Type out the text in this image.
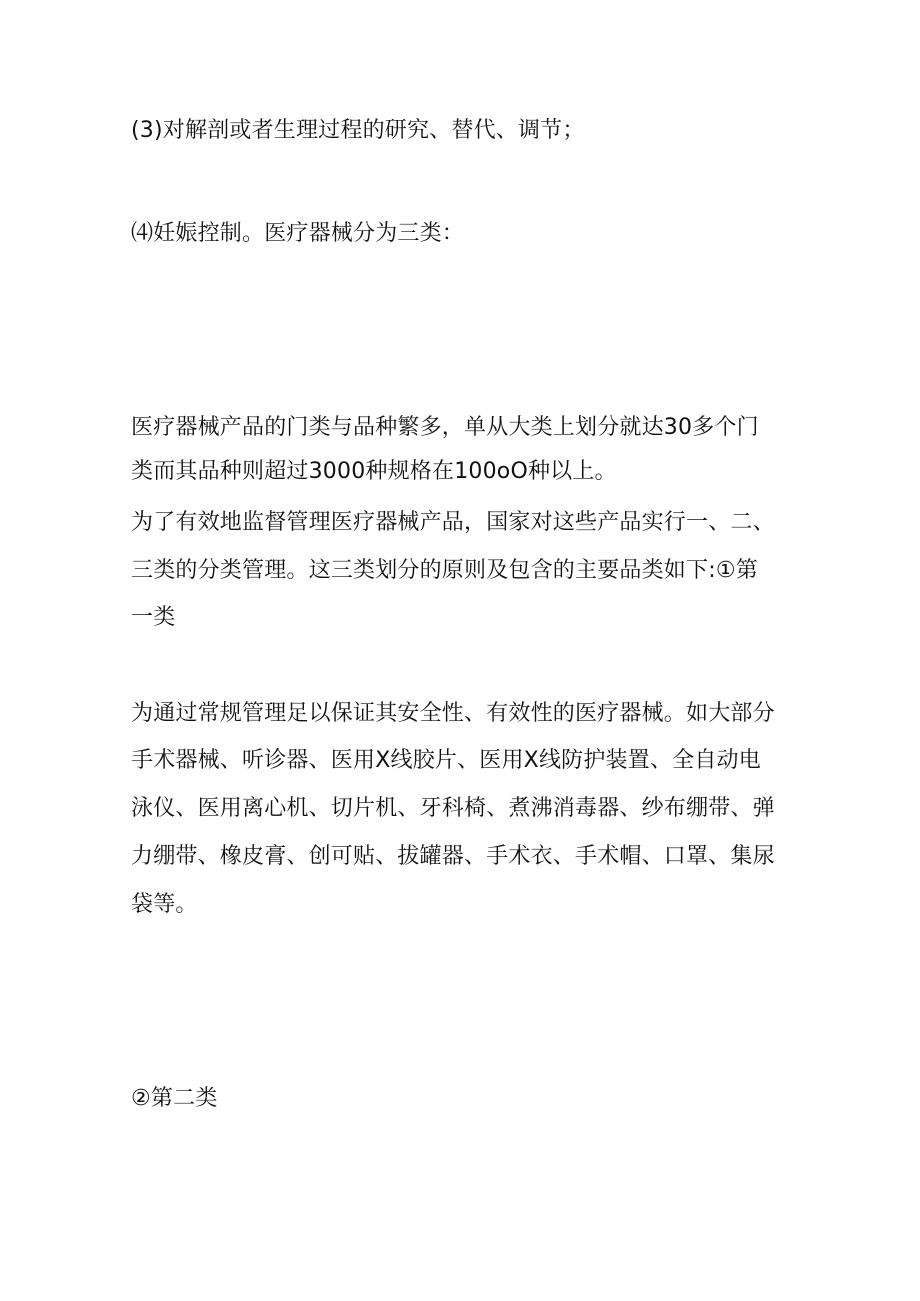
(3)对解剖或者生理过程的研究、替代、调节；
⑷妊娠控制。医疗器械分为三类：
医疗器械产品的门类与品种繁多，单从大类上划分就达30多个门
类而其品种则超过3000种规格在100oO种以上。
为了有效地监督管理医疗器械产品，国家对这些产品实行一、二、
三类的分类管理。这三类划分的原则及包含的主要品类如下:①第
一类
为通过常规管理足以保证其安全性、有效性的医疗器械。如大部分
手术器械、听诊器、医用X线胶片、医用X线防护装置、全自动电
泳仪、医用离心机、切片机、牙科椅、煮沸消毒器、纱布绷带、弹
力绷带、橡皮膏、创可贴、拔罐器、手术衣、手术帽、口罩、集尿
袋等。
②第二类
